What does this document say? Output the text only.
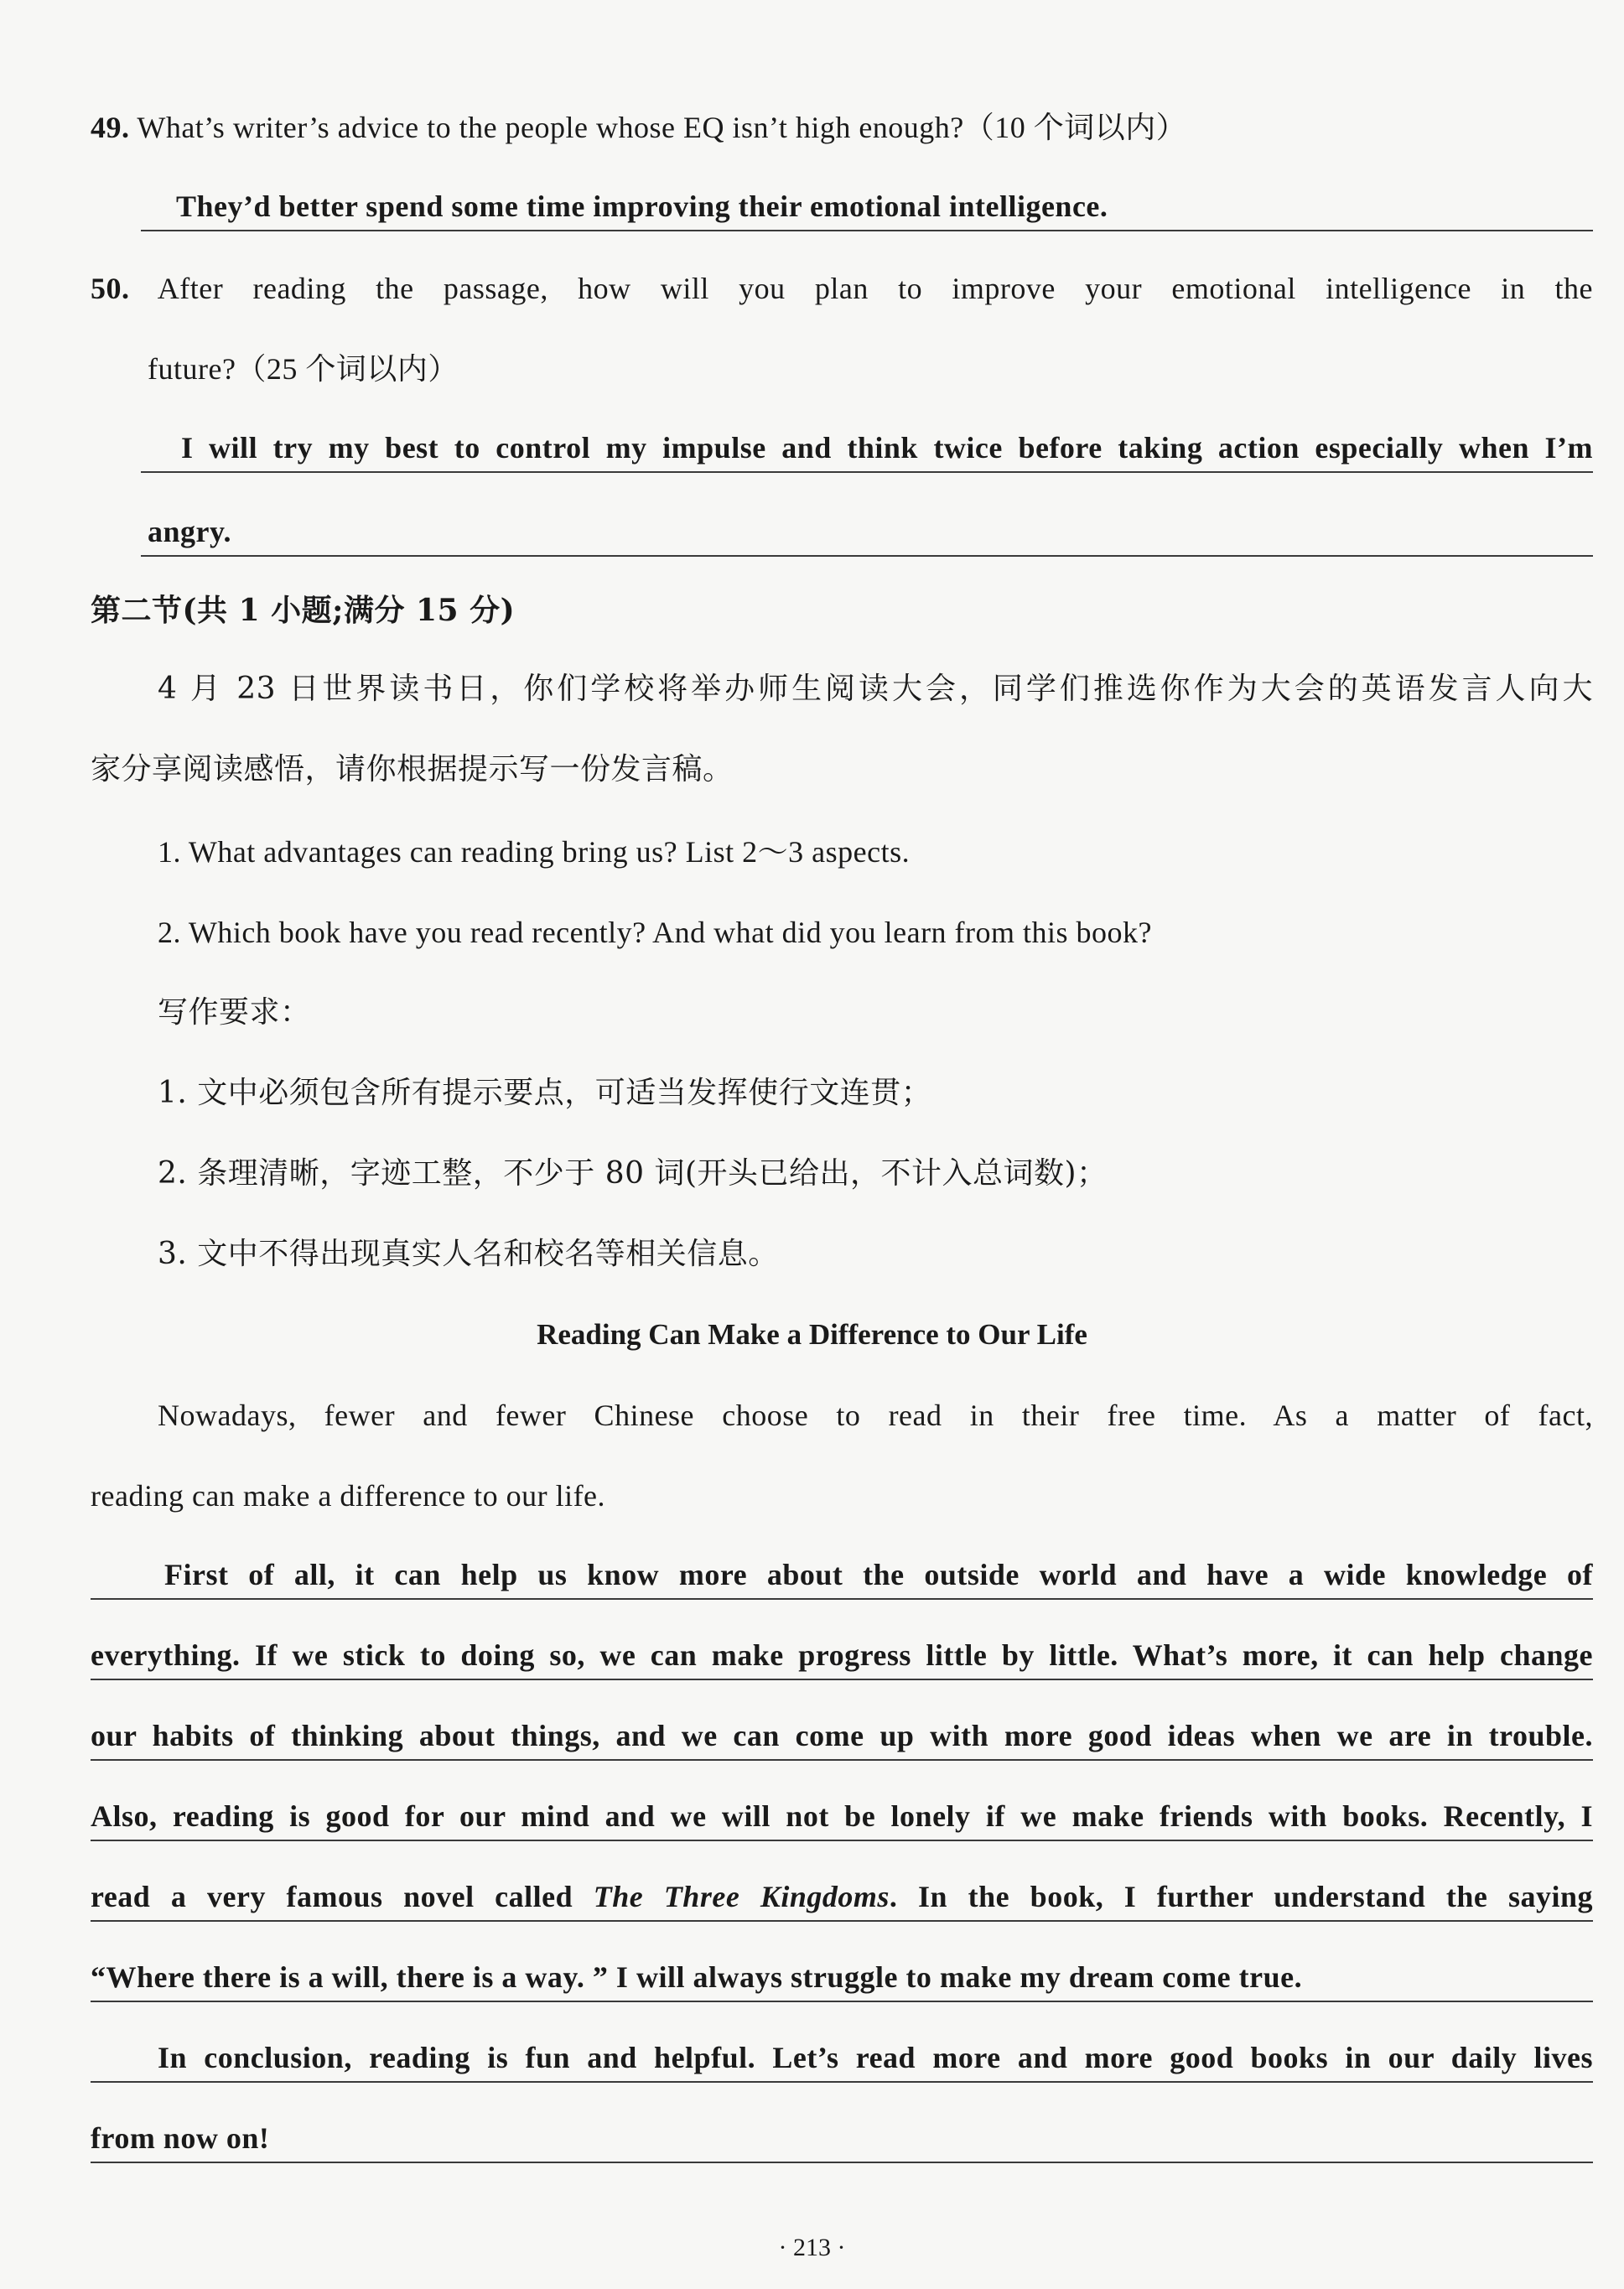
49. What’s writer’s advice to the people whose EQ isn’t high enough?（10 个词以内）
They’d better spend some time improving their emotional intelligence.
50. After reading the passage, how will you plan to improve your emotional intelligence in the
future?（25 个词以内）
I will try my best to control my impulse and think twice before taking action especially when I’m
angry.
第二节(共 1 小题;满分 15 分)
4 月 23 日世界读书日，你们学校将举办师生阅读大会，同学们推选你作为大会的英语发言人向大
家分享阅读感悟，请你根据提示写一份发言稿。
1. What advantages can reading bring us? List 2～3 aspects.
2. Which book have you read recently? And what did you learn from this book?
写作要求：
1. 文中必须包含所有提示要点，可适当发挥使行文连贯；
2. 条理清晰，字迹工整，不少于 80 词(开头已给出，不计入总词数)；
3. 文中不得出现真实人名和校名等相关信息。
Reading Can Make a Difference to Our Life
Nowadays, fewer and fewer Chinese choose to read in their free time. As a matter of fact,
reading can make a difference to our life.
First of all, it can help us know more about the outside world and have a wide knowledge of
everything. If we stick to doing so, we can make progress little by little. What’s more, it can help change
our habits of thinking about things, and we can come up with more good ideas when we are in trouble.
Also, reading is good for our mind and we will not be lonely if we make friends with books. Recently, I
read a very famous novel called The Three Kingdoms. In the book, I further understand the saying
“Where there is a will, there is a way. ” I will always struggle to make my dream come true.
In conclusion, reading is fun and helpful. Let’s read more and more good books in our daily lives
from now on!
· 213 ·
